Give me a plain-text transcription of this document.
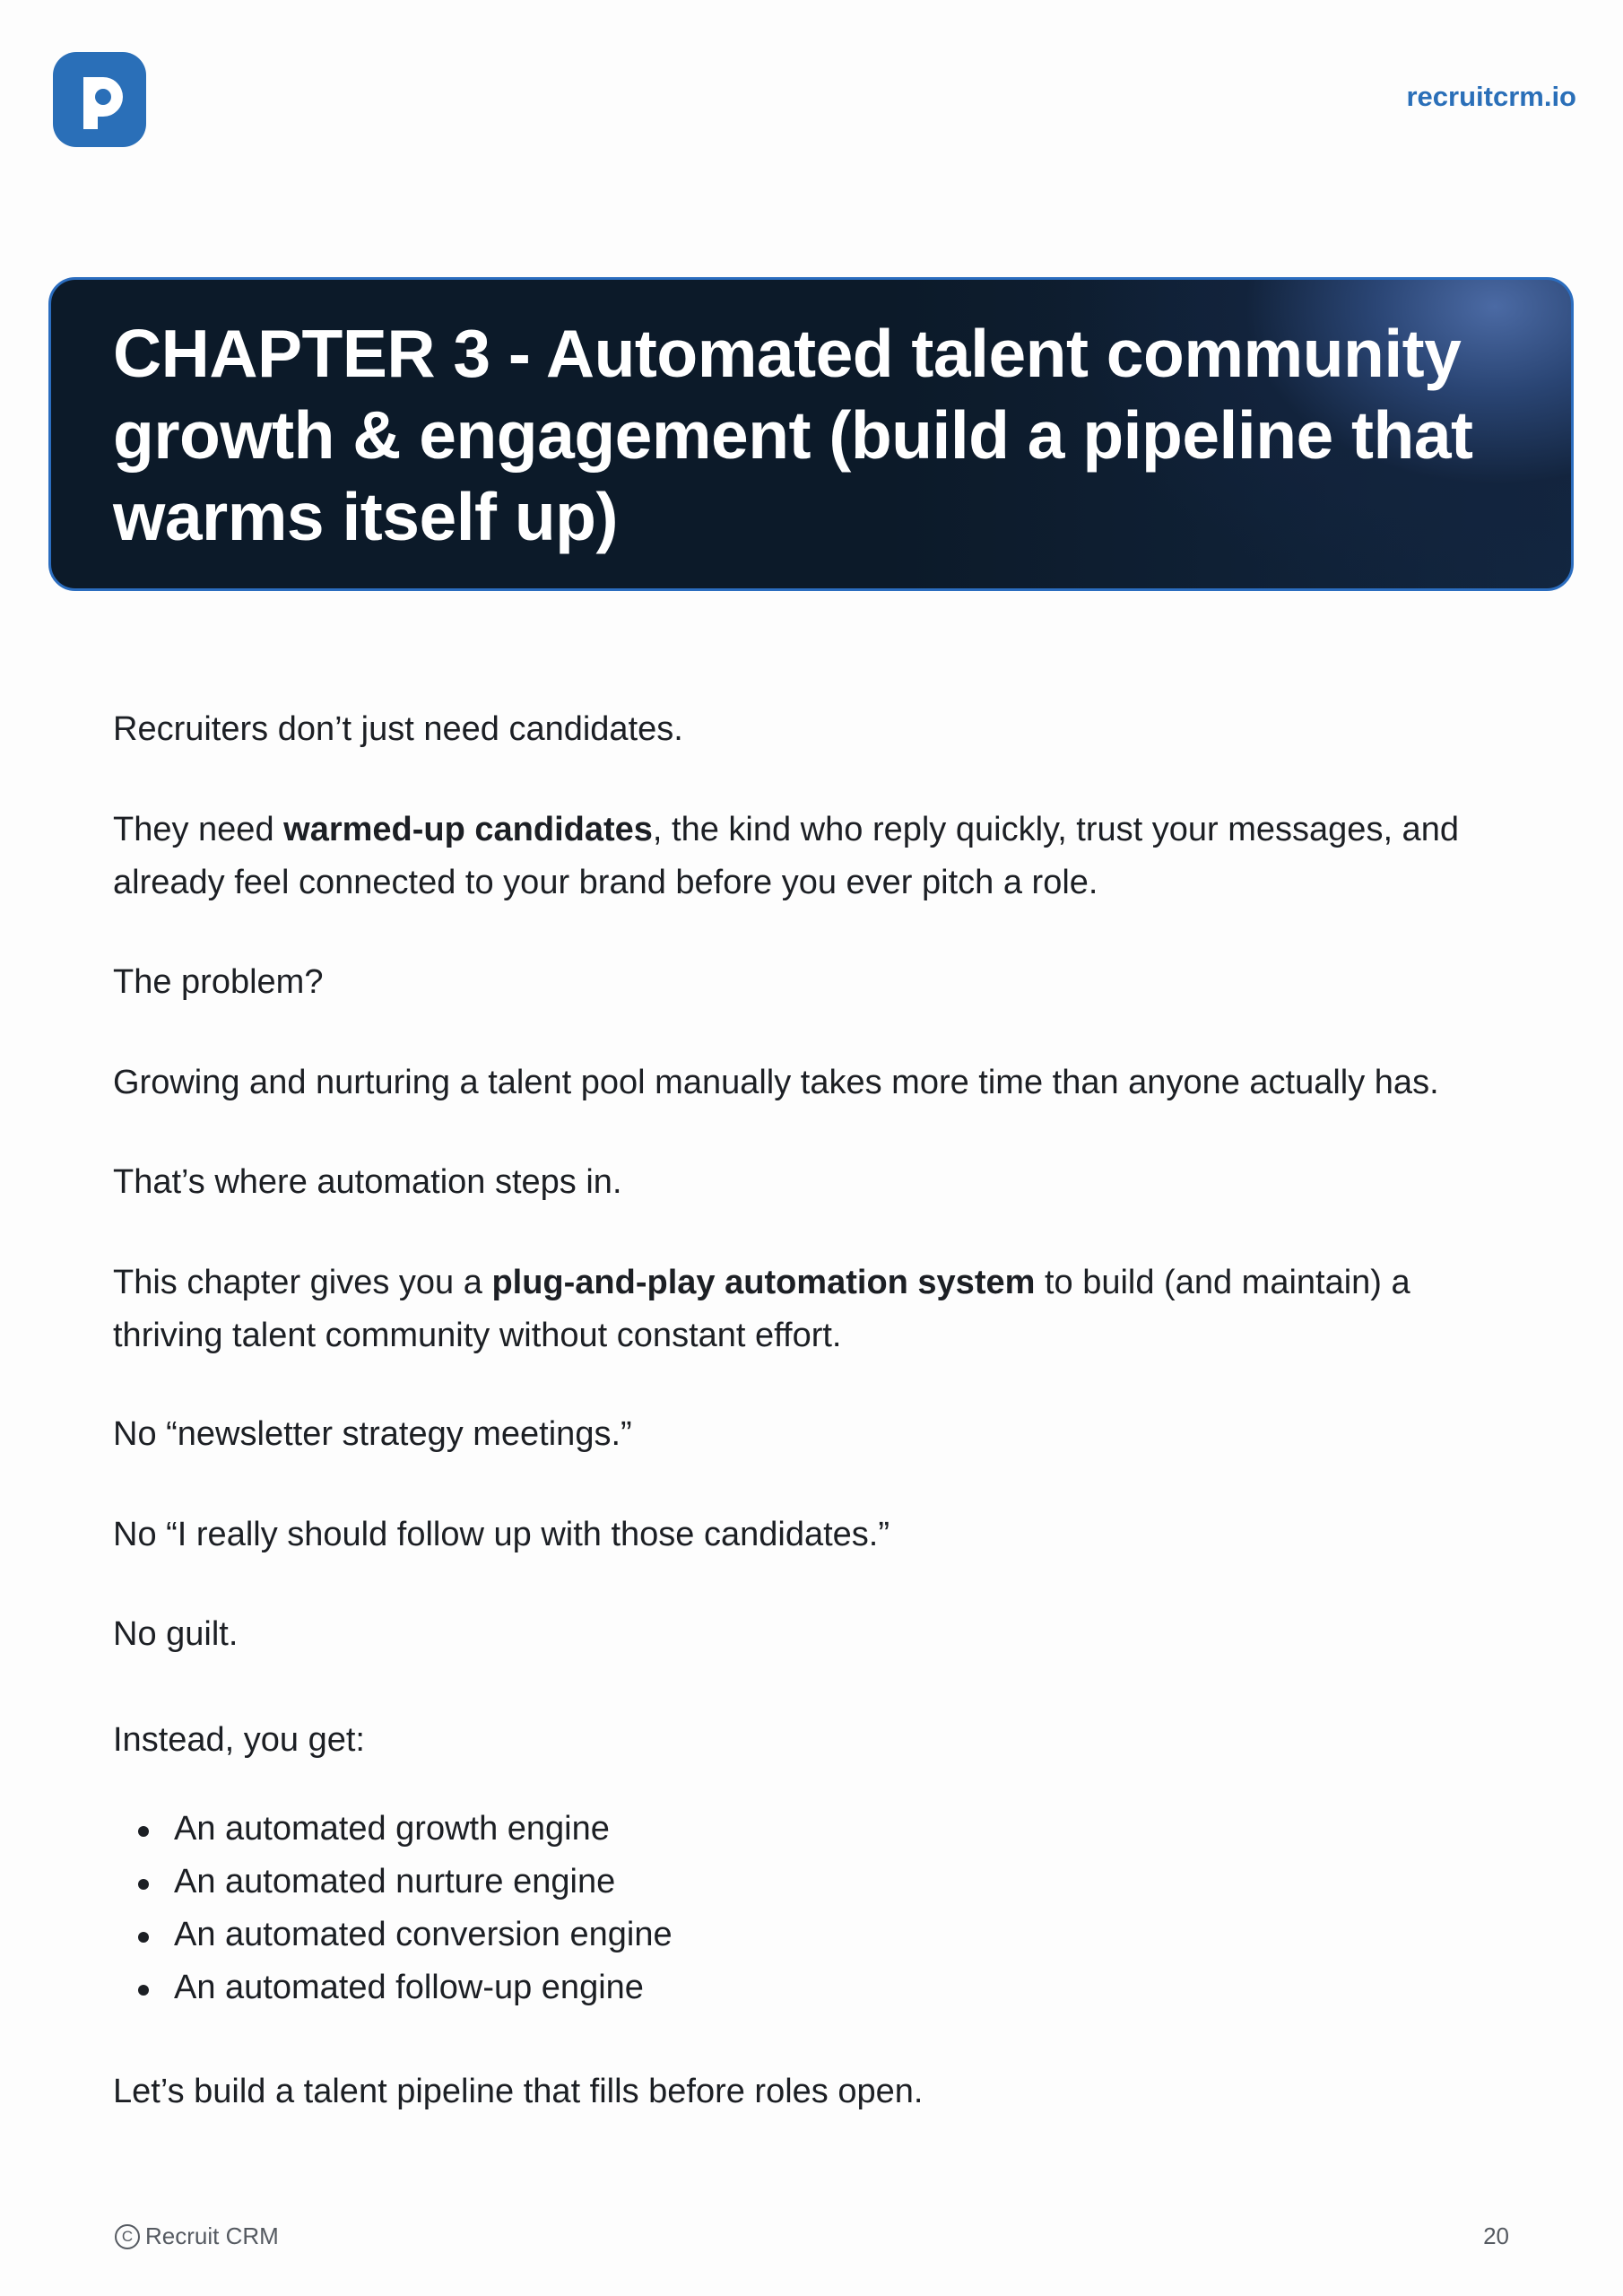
recruitcrm.io
CHAPTER 3 - Automated talent community growth & engagement (build a pipeline that warms itself up)

Recruiters don’t just need candidates.

They need warmed-up candidates, the kind who reply quickly, trust your messages, and already feel connected to your brand before you ever pitch a role.

The problem?

Growing and nurturing a talent pool manually takes more time than anyone actually has.

That’s where automation steps in.

This chapter gives you a plug-and-play automation system to build (and maintain) a thriving talent community without constant effort.

No “newsletter strategy meetings.”

No “I really should follow up with those candidates.”

No guilt.

Instead, you get:

An automated growth engine
An automated nurture engine
An automated conversion engine
An automated follow-up engine

Let’s build a talent pipeline that fills before roles open.

C Recruit CRM	20
